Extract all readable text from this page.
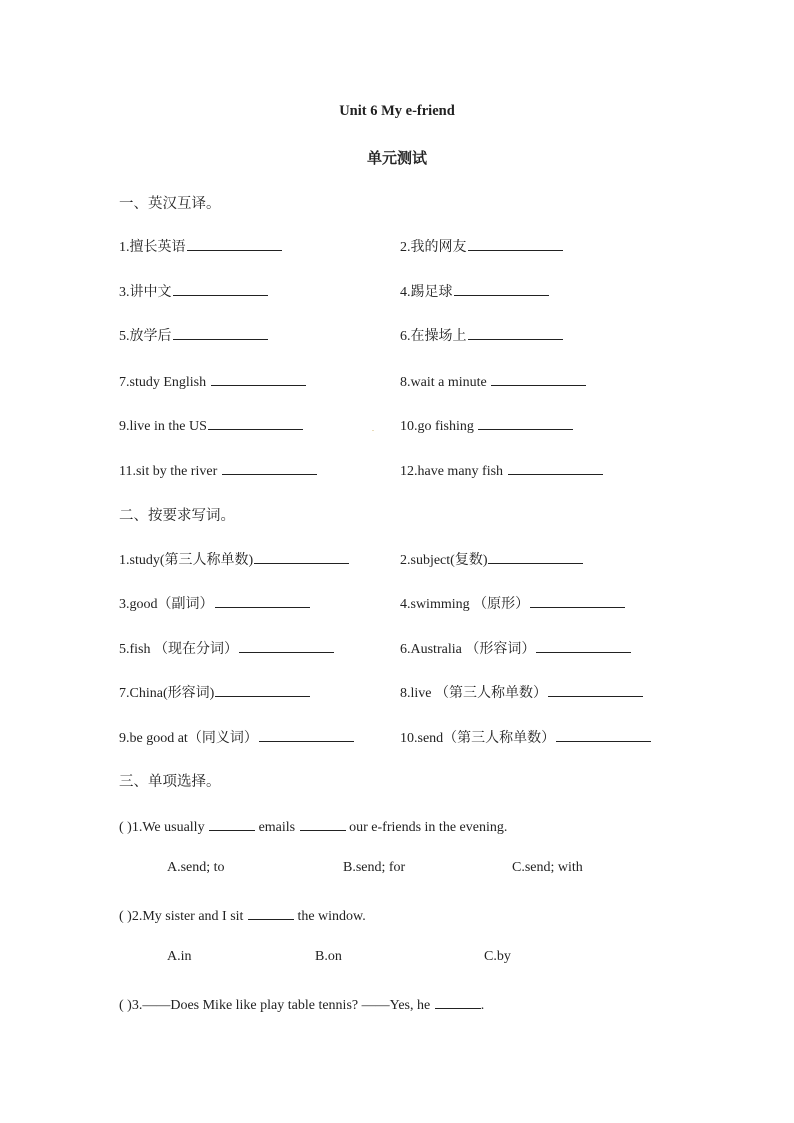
Unit 6 My e-friend
单元测试
一、英汉互译。
1.擅长英语	2.我的网友
3.讲中文	4.踢足球
5.放学后	6.在操场上
7.study English	8.wait a minute
9.live in the US	. 10.go fishing
11.sit by the river	12.have many fish
二、按要求写词。
1.study(第三人称单数)	2.subject(复数)
3.good（副词）	4.swimming （原形）
5.fish （现在分词）	6.Australia （形容词）
7.China(形容词)	8.live （第三人称单数）
9.be good at（同义词）	10.send（第三人称单数）
三、单项选择。
( )1.We usually	emails	our e-friends in the evening.
A.send; to	B.send; for	C.send; with
( )2.My sister and I sit	the window.
A.in	B.on	C.by
( )3.——Does Mike like play table tennis? ——Yes, he	.
